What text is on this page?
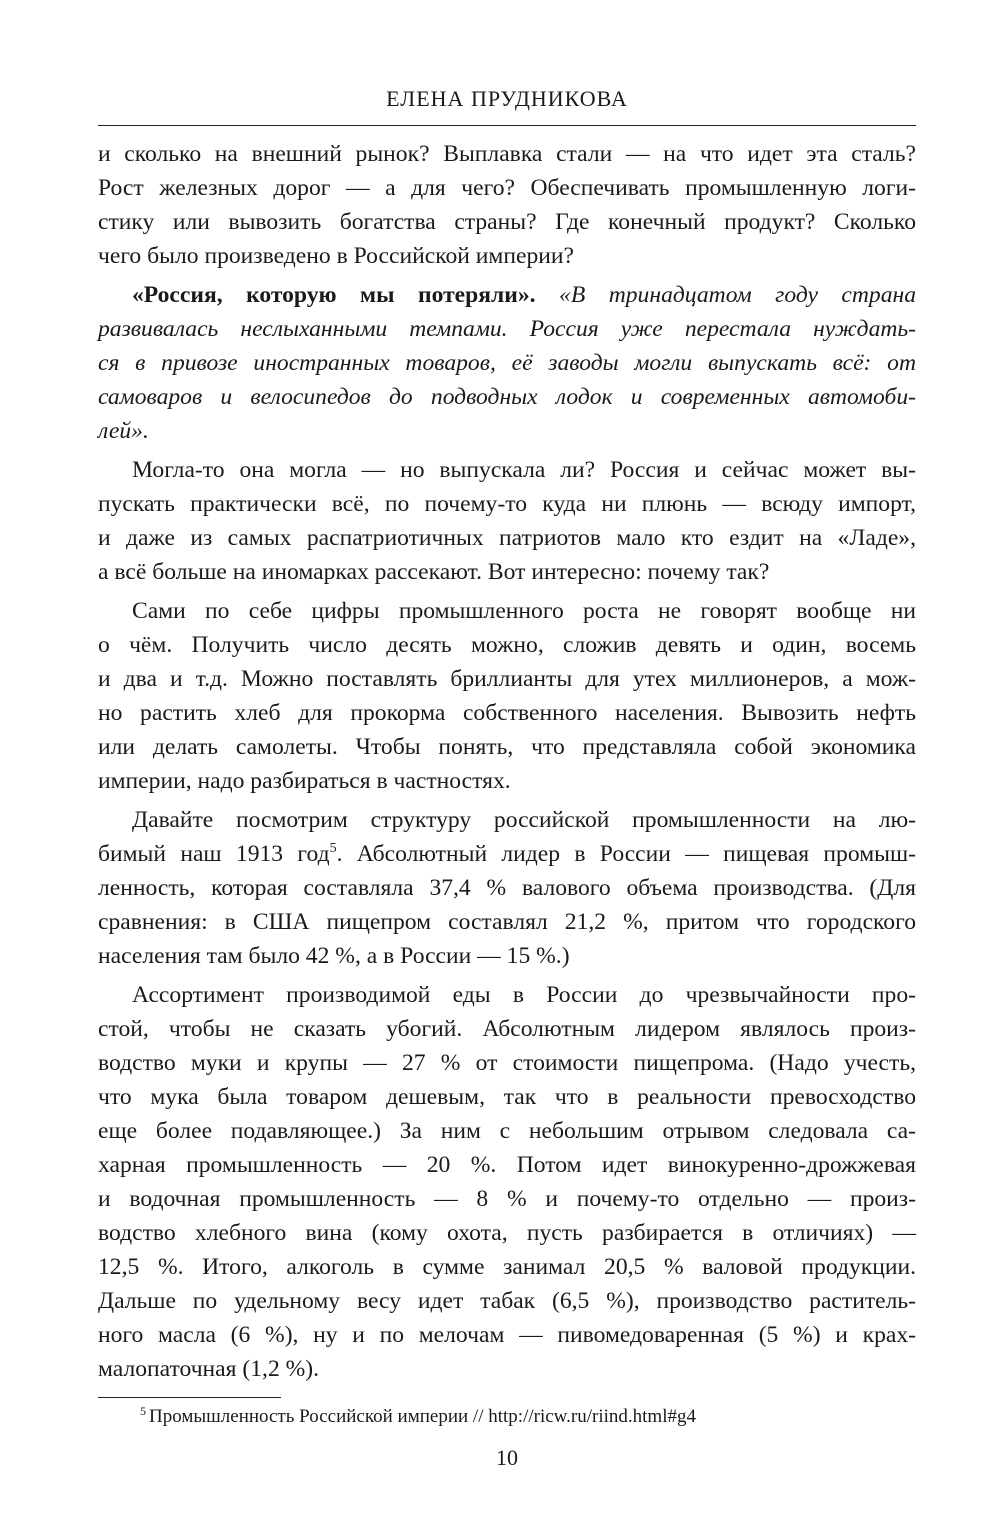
ЕЛЕНА ПРУДНИКОВА
и сколько на внешний рынок? Выплавка стали — на что идет эта сталь?
Рост железных дорог — а для чего? Обеспечивать промышленную логи-
стику или вывозить богатства страны? Где конечный продукт? Сколько
чего было произведено в Российской империи?
«Россия, которую мы потеряли». «В тринадцатом году страна
развивалась неслыханными темпами. Россия уже перестала нуждать-
ся в привозе иностранных товаров, её заводы могли выпускать всё: от
самоваров и велосипедов до подводных лодок и современных автомоби-
лей».
Могла-то она могла — но выпускала ли? Россия и сейчас может вы-
пускать практически всё, по почему-то куда ни плюнь — всюду импорт,
и даже из самых распатриотичных патриотов мало кто ездит на «Ладе»,
а всё больше на иномарках рассекают. Вот интересно: почему так?
Сами по себе цифры промышленного роста не говорят вообще ни
о чём. Получить число десять можно, сложив девять и один, восемь
и два и т.д. Можно поставлять бриллианты для утех миллионеров, а мож-
но растить хлеб для прокорма собственного населения. Вывозить нефть
или делать самолеты. Чтобы понять, что представляла собой экономика
империи, надо разбираться в частностях.
Давайте посмотрим структуру российской промышленности на лю-
бимый наш 1913 год$^5$. Абсолютный лидер в России — пищевая промыш-
ленность, которая составляла 37,4 % валового объема производства. (Для
сравнения: в США пищепром составлял 21,2 %, притом что городского
населения там было 42 %, а в России — 15 %.)
Ассортимент производимой еды в России до чрезвычайности про-
стой, чтобы не сказать убогий. Абсолютным лидером являлось произ-
водство муки и крупы — 27 % от стоимости пищепрома. (Надо учесть,
что мука была товаром дешевым, так что в реальности превосходство
еще более подавляющее.) За ним с небольшим отрывом следовала са-
харная промышленность — 20 %. Потом идет винокуренно-дрожжевая
и водочная промышленность — 8 % и почему-то отдельно — произ-
водство хлебного вина (кому охота, пусть разбирается в отличиях) —
12,5 %. Итого, алкоголь в сумме занимал 20,5 % валовой продукции.
Дальше по удельному весу идет табак (6,5 %), производство раститель-
ного масла (6 %), ну и по мелочам — пивомедоваренная (5 %) и крах-
малопаточная (1,2 %).
$^5$ Промышленность Российской империи // http://ricw.ru/riind.html#g4
10
